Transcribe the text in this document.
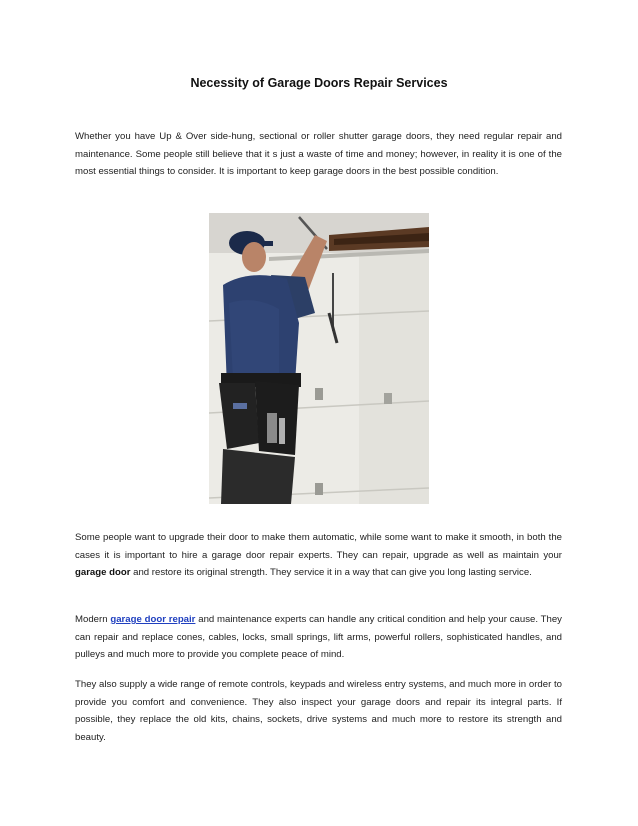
Necessity of Garage Doors Repair Services

Whether you have Up & Over side-hung, sectional or roller shutter garage doors, they need regular repair and maintenance. Some people still believe that it s just a waste of time and money; however, in reality it is one of the most essential things to consider. It is important to keep garage doors in the best possible condition.

Some people want to upgrade their door to make them automatic, while some want to make it smooth, in both the cases it is important to hire a garage door repair experts. They can repair, upgrade as well as maintain your garage door and restore its original strength. They service it in a way that can give you long lasting service.

Modern garage door repair and maintenance experts can handle any critical condition and help your cause. They can repair and replace cones, cables, locks, small springs, lift arms, powerful rollers, sophisticated handles, and pulleys and much more to provide you complete peace of mind.

They also supply a wide range of remote controls, keypads and wireless entry systems, and much more in order to provide you comfort and convenience. They also inspect your garage doors and repair its integral parts. If possible, they replace the old kits, chains, sockets, drive systems and much more to restore its strength and beauty.
